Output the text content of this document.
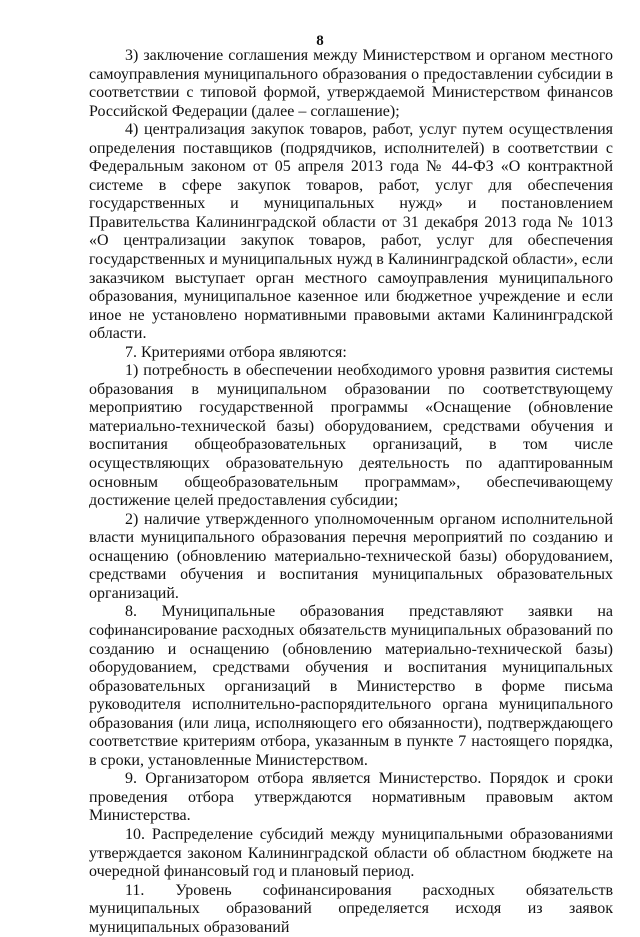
8

3) заключение соглашения между Министерством и органом местного самоуправления муниципального образования о предоставлении субсидии в соответствии с типовой формой, утверждаемой Министерством финансов Российской Федерации (далее – соглашение);

4) централизация закупок товаров, работ, услуг путем осуществления определения поставщиков (подрядчиков, исполнителей) в соответствии с Федеральным законом от 05 апреля 2013 года № 44-ФЗ «О контрактной системе в сфере закупок товаров, работ, услуг для обеспечения государственных и муниципальных нужд» и постановлением Правительства Калининградской области от 31 декабря 2013 года № 1013 «О централизации закупок товаров, работ, услуг для обеспечения государственных и муниципальных нужд в Калининградской области», если заказчиком выступает орган местного самоуправления муниципального образования, муниципальное казенное или бюджетное учреждение и если иное не установлено нормативными правовыми актами Калининградской области.

7. Критериями отбора являются:

1) потребность в обеспечении необходимого уровня развития системы образования в муниципальном образовании по соответствующему мероприятию государственной программы «Оснащение (обновление материально-технической базы) оборудованием, средствами обучения и воспитания общеобразовательных организаций, в том числе осуществляющих образовательную деятельность по адаптированным основным общеобразовательным программам», обеспечивающему достижение целей предоставления субсидии;

2) наличие утвержденного уполномоченным органом исполнительной власти муниципального образования перечня мероприятий по созданию и оснащению (обновлению материально-технической базы) оборудованием, средствами обучения и воспитания муниципальных образовательных организаций.

8. Муниципальные образования представляют заявки на софинансирование расходных обязательств муниципальных образований по созданию и оснащению (обновлению материально-технической базы) оборудованием, средствами обучения и воспитания муниципальных образовательных организаций в Министерство в форме письма руководителя исполнительно-распорядительного органа муниципального образования (или лица, исполняющего его обязанности), подтверждающего соответствие критериям отбора, указанным в пункте 7 настоящего порядка, в сроки, установленные Министерством.

9. Организатором отбора является Министерство. Порядок и сроки проведения отбора утверждаются нормативным правовым актом Министерства.

10. Распределение субсидий между муниципальными образованиями утверждается законом Калининградской области об областном бюджете на очередной финансовый год и плановый период.

11. Уровень софинансирования расходных обязательств муниципальных образований определяется исходя из заявок муниципальных образований
